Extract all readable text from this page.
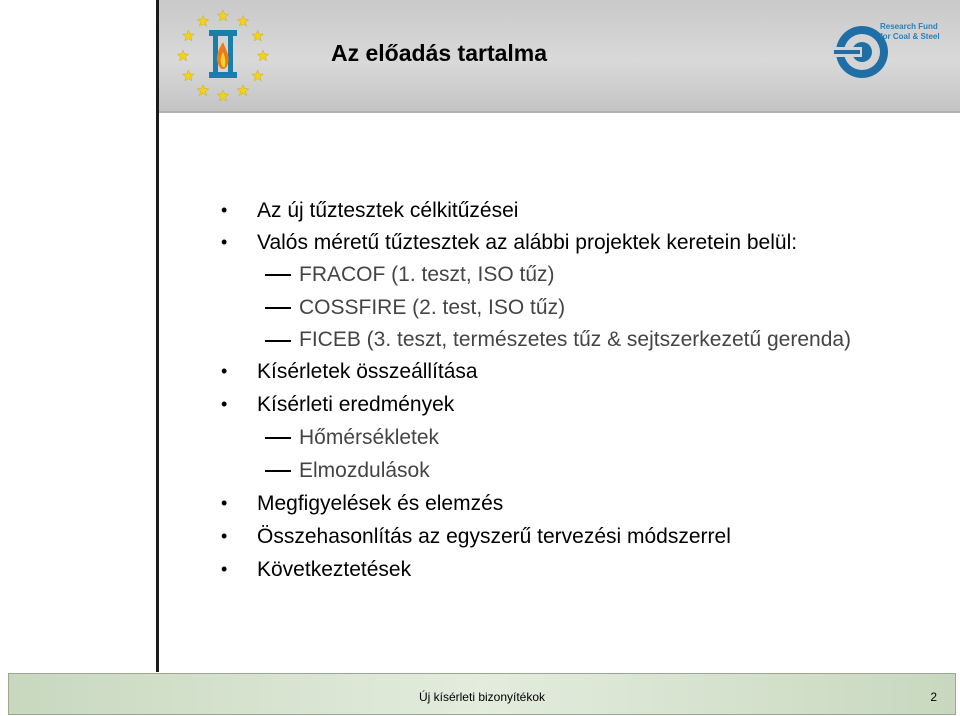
Az előadás tartalma
Research Fund
for Coal & Steel
• Az új tűztesztek célkitűzései
• Valós méretű tűztesztek az alábbi projektek keretein belül:
FRACOF (1. teszt, ISO tűz)
COSSFIRE (2. test, ISO tűz)
FICEB (3. teszt, természetes tűz & sejtszerkezetű gerenda)
• Kísérletek összeállítása
• Kísérleti eredmények
Hőmérsékletek
Elmozdulások
• Megfigyelések és elemzés
• Összehasonlítás az egyszerű tervezési módszerrel
• Következtetések
Új kísérleti bizonyítékok	2
